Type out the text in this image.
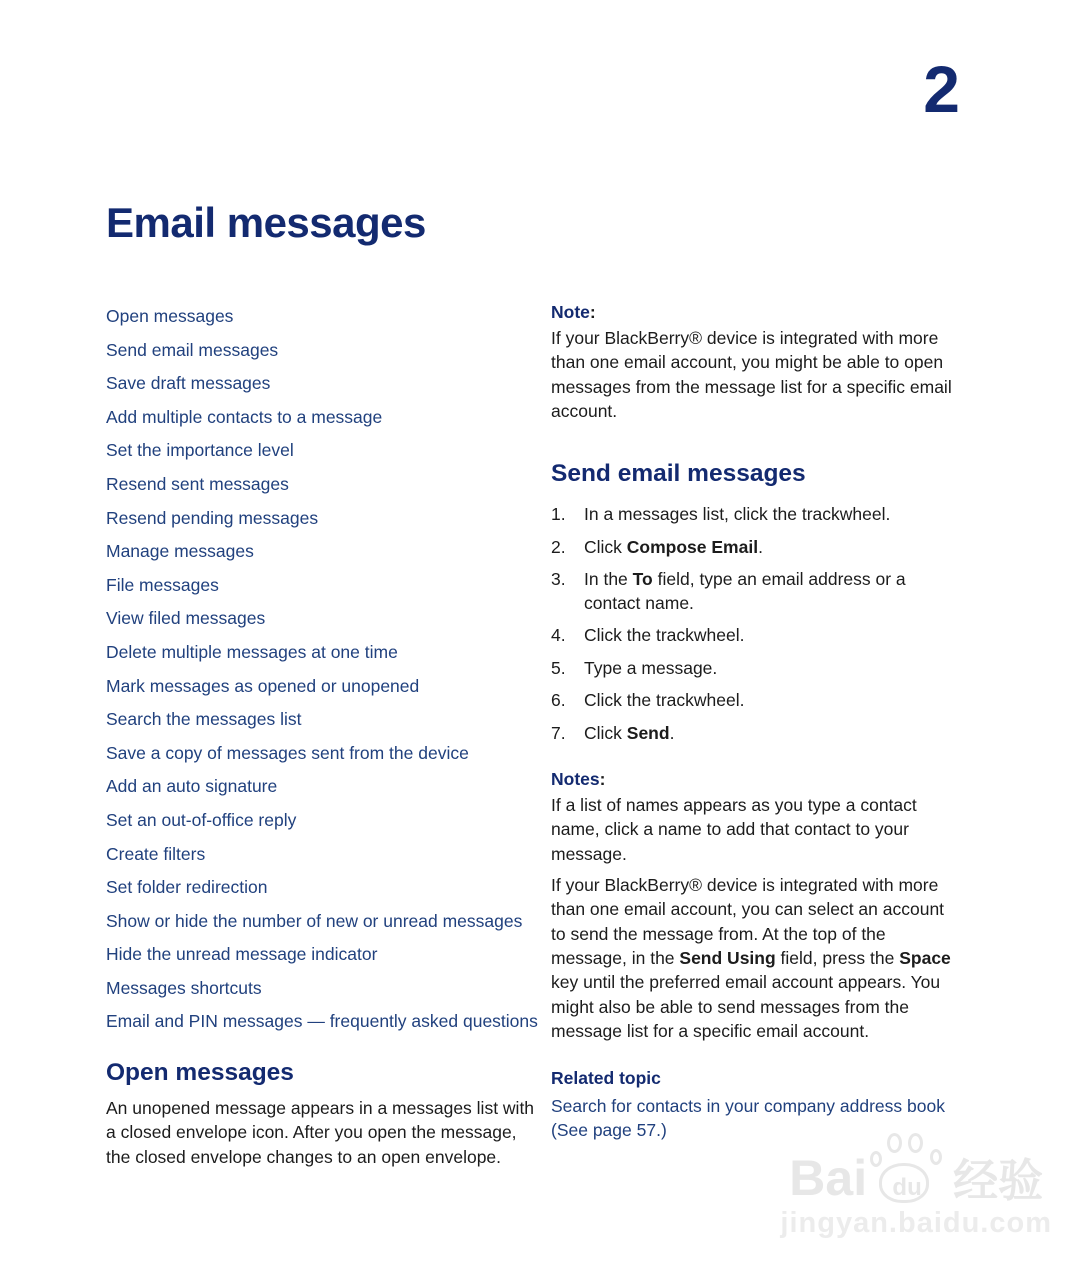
2
Email messages
Open messages
Send email messages
Save draft messages
Add multiple contacts to a message
Set the importance level
Resend sent messages
Resend pending messages
Manage messages
File messages
View filed messages
Delete multiple messages at one time
Mark messages as opened or unopened
Search the messages list
Save a copy of messages sent from the device
Add an auto signature
Set an out-of-office reply
Create filters
Set folder redirection
Show or hide the number of new or unread messages
Hide the unread message indicator
Messages shortcuts
Email and PIN messages — frequently asked questions
Open messages

An unopened message appears in a messages list with a closed envelope icon. After you open the message, the closed envelope changes to an open envelope.

Note:

If your BlackBerry® device is integrated with more than one email account, you might be able to open messages from the message list for a specific email account.

Send email messages
1.	In a messages list, click the trackwheel.
2.	Click Compose Email.
3.	In the To field, type an email address or a contact name.
4.	Click the trackwheel.
5.	Type a message.
6.	Click the trackwheel.
7.	Click Send.

Notes:

If a list of names appears as you type a contact name, click a name to add that contact to your message.

If your BlackBerry® device is integrated with more than one email account, you can select an account to send the message from. At the top of the message, in the Send Using field, press the Space key until the preferred email account appears. You might also be able to send messages from the message list for a specific email account.

Related topic

Search for contacts in your company address book (See page 57.)

Bai du 经验
jingyan.baidu.com
